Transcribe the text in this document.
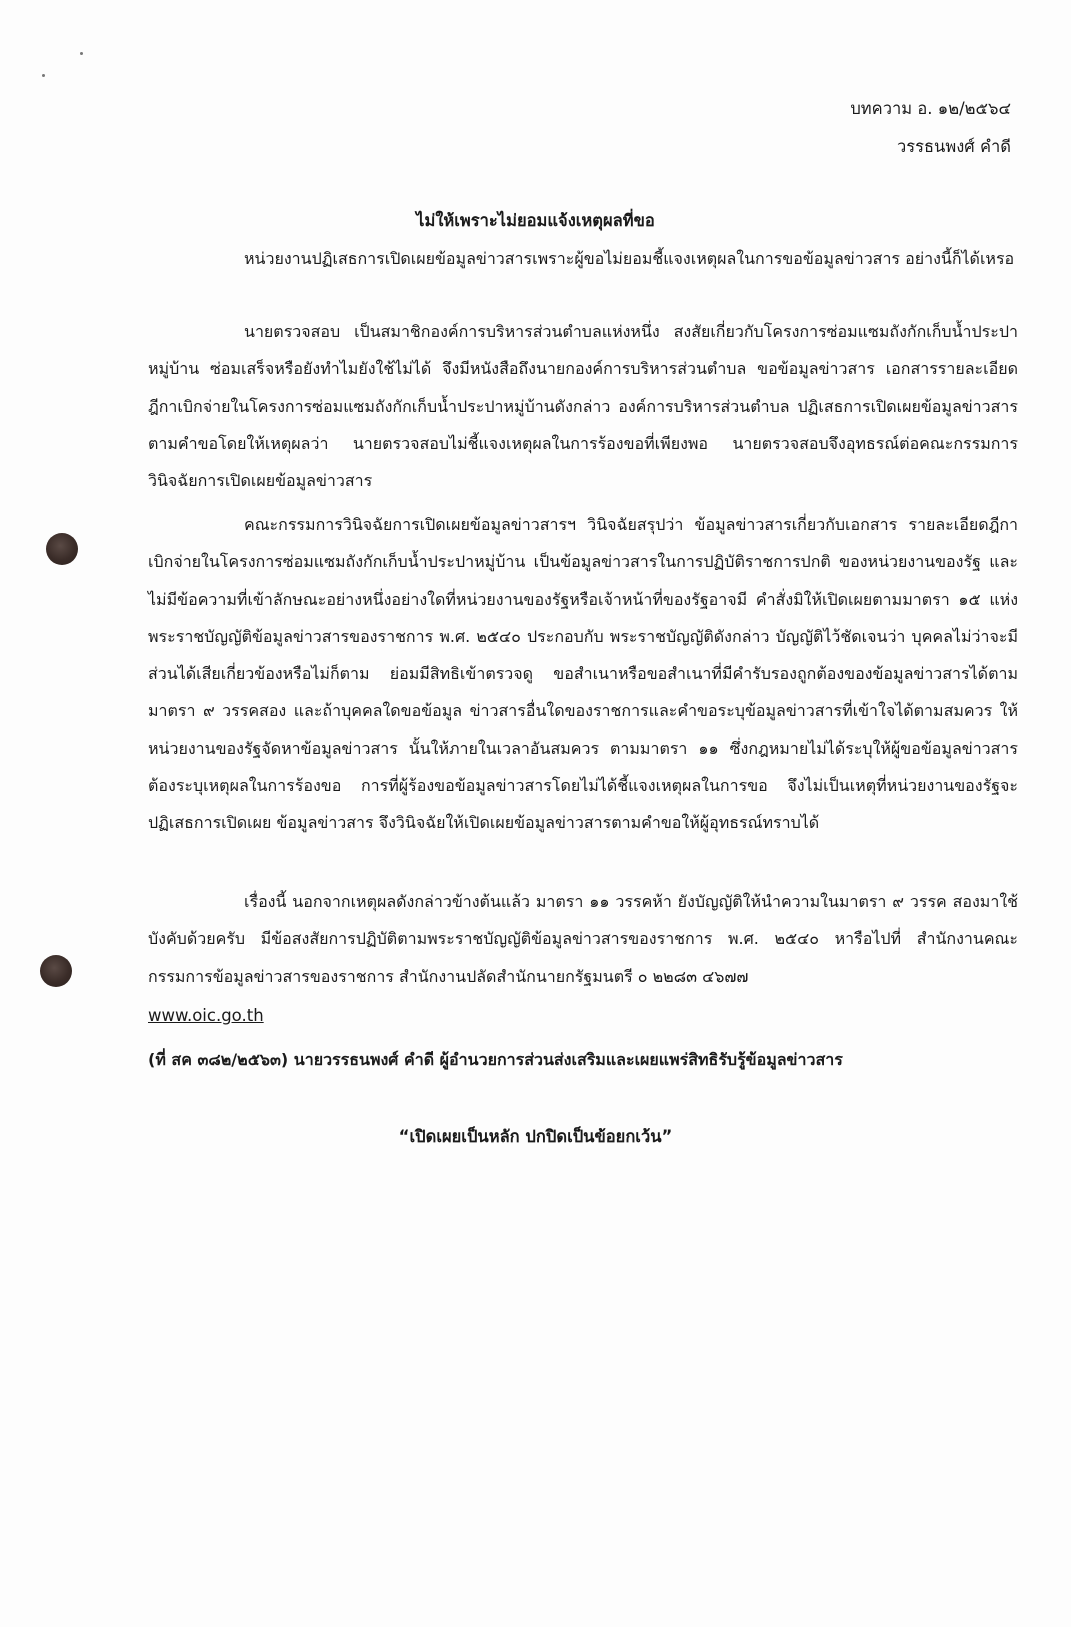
บทความ อ. ๑๒/๒๕๖๔
วรรธนพงศ์ คำดี
ไม่ให้เพราะไม่ยอมแจ้งเหตุผลที่ขอ

หน่วยงานปฏิเสธการเปิดเผยข้อมูลข่าวสารเพราะผู้ขอไม่ยอมชี้แจงเหตุผลในการขอข้อมูลข่าวสาร อย่างนี้ก็ได้เหรอ

นายตรวจสอบ เป็นสมาชิกองค์การบริหารส่วนตำบลแห่งหนึ่ง สงสัยเกี่ยวกับโครงการซ่อมแซมถังกักเก็บน้ำประปาหมู่บ้าน ซ่อมเสร็จหรือยังทำไมยังใช้ไม่ได้ จึงมีหนังสือถึงนายกองค์การบริหารส่วนตำบล ขอข้อมูลข่าวสาร เอกสารรายละเอียดฎีกาเบิกจ่ายในโครงการซ่อมแซมถังกักเก็บน้ำประปาหมู่บ้านดังกล่าว องค์การบริหารส่วนตำบล ปฏิเสธการเปิดเผยข้อมูลข่าวสารตามคำขอโดยให้เหตุผลว่า นายตรวจสอบไม่ชี้แจงเหตุผลในการร้องขอที่เพียงพอ นายตรวจสอบจึงอุทธรณ์ต่อคณะกรรมการวินิจฉัยการเปิดเผยข้อมูลข่าวสาร

คณะกรรมการวินิจฉัยการเปิดเผยข้อมูลข่าวสารฯ วินิจฉัยสรุปว่า ข้อมูลข่าวสารเกี่ยวกับเอกสาร รายละเอียดฎีกาเบิกจ่ายในโครงการซ่อมแซมถังกักเก็บน้ำประปาหมู่บ้าน เป็นข้อมูลข่าวสารในการปฏิบัติราชการปกติ ของหน่วยงานของรัฐ และไม่มีข้อความที่เข้าลักษณะอย่างหนึ่งอย่างใดที่หน่วยงานของรัฐหรือเจ้าหน้าที่ของรัฐอาจมี คำสั่งมิให้เปิดเผยตามมาตรา ๑๕ แห่งพระราชบัญญัติข้อมูลข่าวสารของราชการ พ.ศ. ๒๕๔๐ ประกอบกับ พระราชบัญญัติดังกล่าว บัญญัติไว้ชัดเจนว่า บุคคลไม่ว่าจะมีส่วนได้เสียเกี่ยวข้องหรือไม่ก็ตาม ย่อมมีสิทธิเข้าตรวจดู ขอสำเนาหรือขอสำเนาที่มีคำรับรองถูกต้องของข้อมูลข่าวสารได้ตามมาตรา ๙ วรรคสอง และถ้าบุคคลใดขอข้อมูล ข่าวสารอื่นใดของราชการและคำขอระบุข้อมูลข่าวสารที่เข้าใจได้ตามสมควร ให้หน่วยงานของรัฐจัดหาข้อมูลข่าวสาร นั้นให้ภายในเวลาอันสมควร ตามมาตรา ๑๑ ซึ่งกฎหมายไม่ได้ระบุให้ผู้ขอข้อมูลข่าวสารต้องระบุเหตุผลในการร้องขอ การที่ผู้ร้องขอข้อมูลข่าวสารโดยไม่ได้ชี้แจงเหตุผลในการขอ จึงไม่เป็นเหตุที่หน่วยงานของรัฐจะปฏิเสธการเปิดเผย ข้อมูลข่าวสาร จึงวินิจฉัยให้เปิดเผยข้อมูลข่าวสารตามคำขอให้ผู้อุทธรณ์ทราบได้

เรื่องนี้ นอกจากเหตุผลดังกล่าวข้างต้นแล้ว มาตรา ๑๑ วรรคห้า ยังบัญญัติให้นำความในมาตรา ๙ วรรค สองมาใช้บังคับด้วยครับ มีข้อสงสัยการปฏิบัติตามพระราชบัญญัติข้อมูลข่าวสารของราชการ พ.ศ. ๒๕๔๐ หารือไปที่ สำนักงานคณะกรรมการข้อมูลข่าวสารของราชการ สำนักงานปลัดสำนักนายกรัฐมนตรี ๐ ๒๒๘๓ ๔๖๗๗

www.oic.go.th
(ที่ สค ๓๘๒/๒๕๖๓) นายวรรธนพงศ์ คำดี ผู้อำนวยการส่วนส่งเสริมและเผยแพร่สิทธิรับรู้ข้อมูลข่าวสาร
“เปิดเผยเป็นหลัก ปกปิดเป็นข้อยกเว้น”
